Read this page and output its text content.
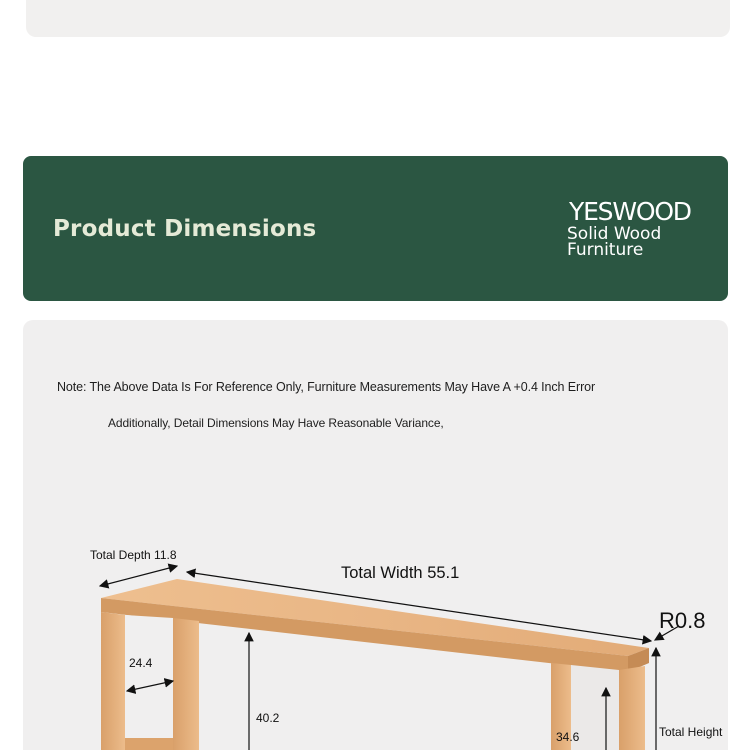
Product Dimensions
YESWOOD
Solid Wood
Furniture
Note: The Above Data Is For Reference Only, Furniture Measurements May Have A +0.4 Inch Error
Additionally, Detail Dimensions May Have Reasonable Variance,
Total Depth 11.8
Total Width 55.1
R0.8
24.4
40.2
34.6	Total Height
